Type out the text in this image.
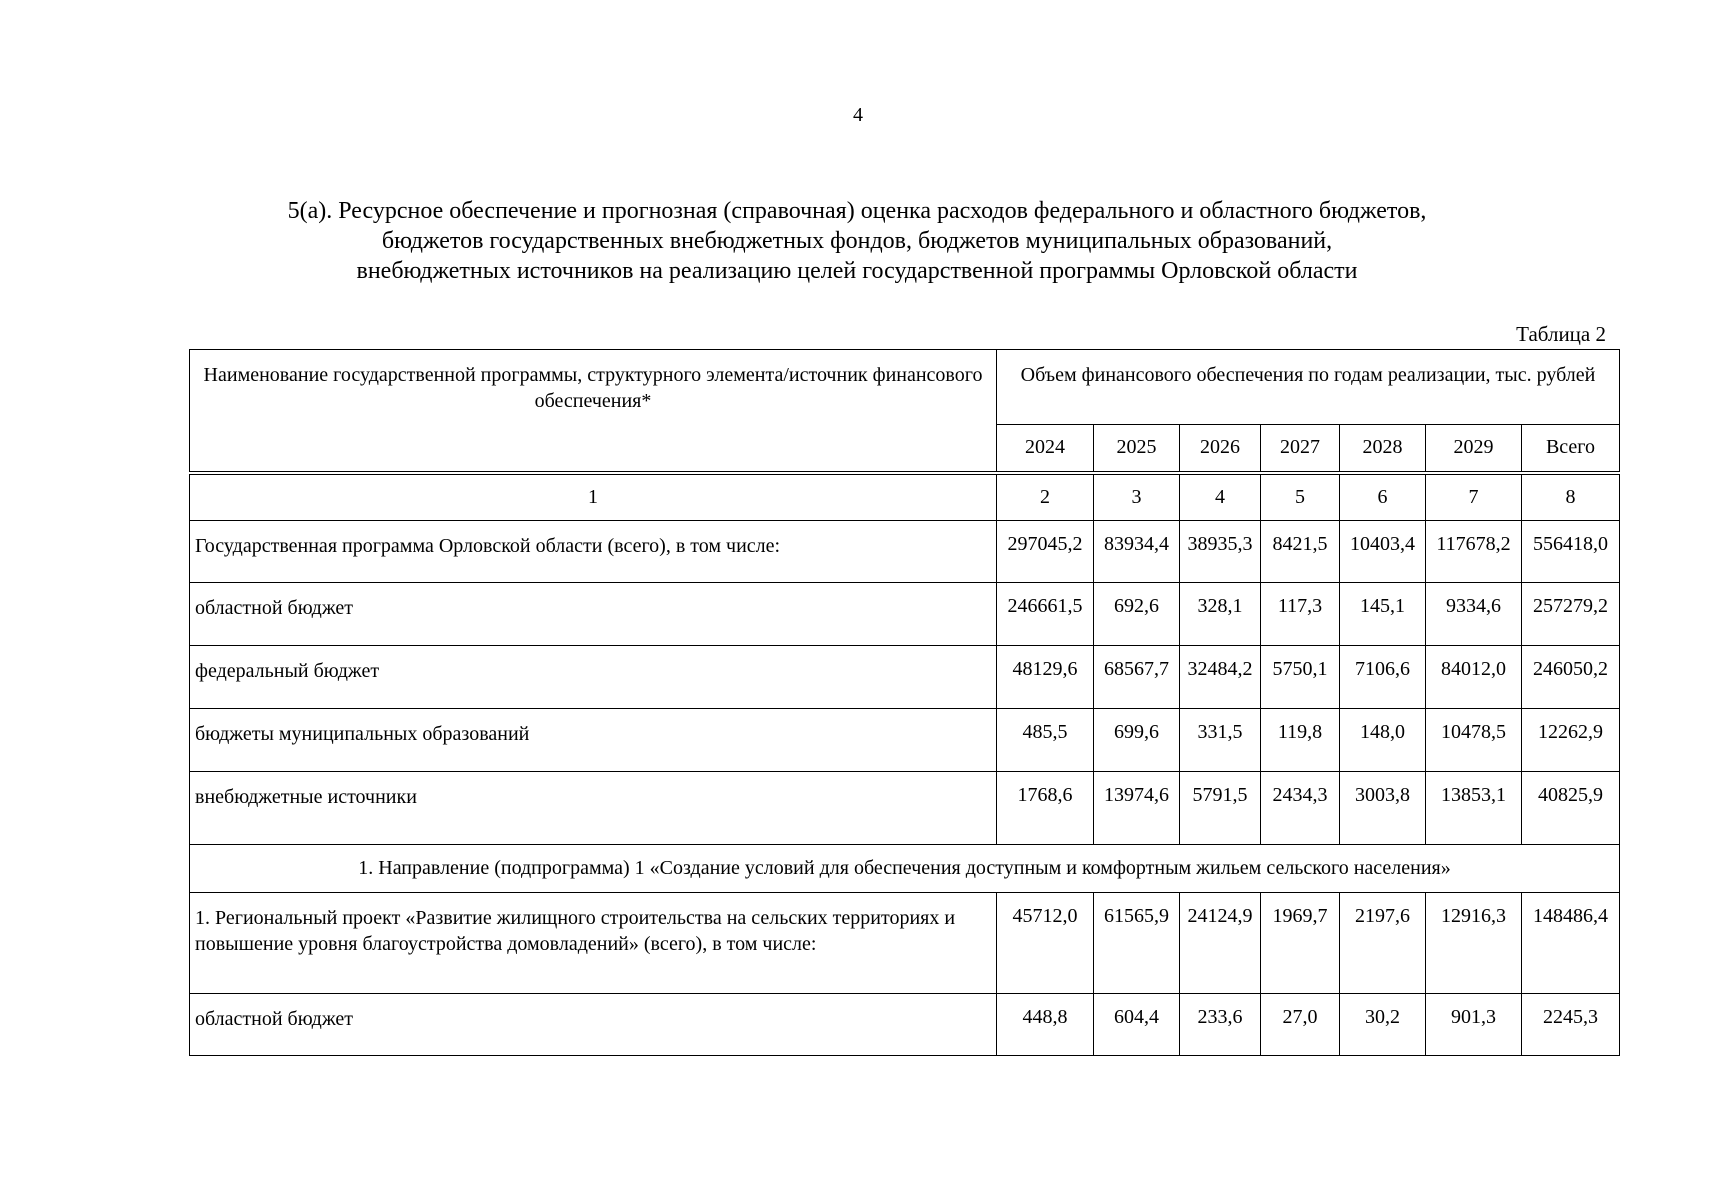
4
5(а). Ресурсное обеспечение и прогнозная (справочная) оценка расходов федерального и областного бюджетов,
бюджетов государственных внебюджетных фондов, бюджетов муниципальных образований,
внебюджетных источников на реализацию целей государственной программы Орловской области
Таблица 2
Наименование государственной программы, структурного элемента/источник финансового обеспечения*	Объем финансового обеспечения по годам реализации, тыс. рублей						
	2024	2025	2026	2027	2028	2029	Всего
1	2	3	4	5	6	7	8
Государственная программа Орловской области (всего), в том числе:	297045,2	83934,4	38935,3	8421,5	10403,4	117678,2	556418,0
областной бюджет	246661,5	692,6	328,1	117,3	145,1	9334,6	257279,2
федеральный бюджет	48129,6	68567,7	32484,2	5750,1	7106,6	84012,0	246050,2
бюджеты муниципальных образований	485,5	699,6	331,5	119,8	148,0	10478,5	12262,9
внебюджетные источники	1768,6	13974,6	5791,5	2434,3	3003,8	13853,1	40825,9
1. Направление (подпрограмма) 1 «Создание условий для обеспечения доступным и комфортным жильем сельского населения»							
1. Региональный проект «Развитие жилищного строительства на сельских территориях и повышение уровня благоустройства домовладений» (всего), в том числе:	45712,0	61565,9	24124,9	1969,7	2197,6	12916,3	148486,4
областной бюджет	448,8	604,4	233,6	27,0	30,2	901,3	2245,3
